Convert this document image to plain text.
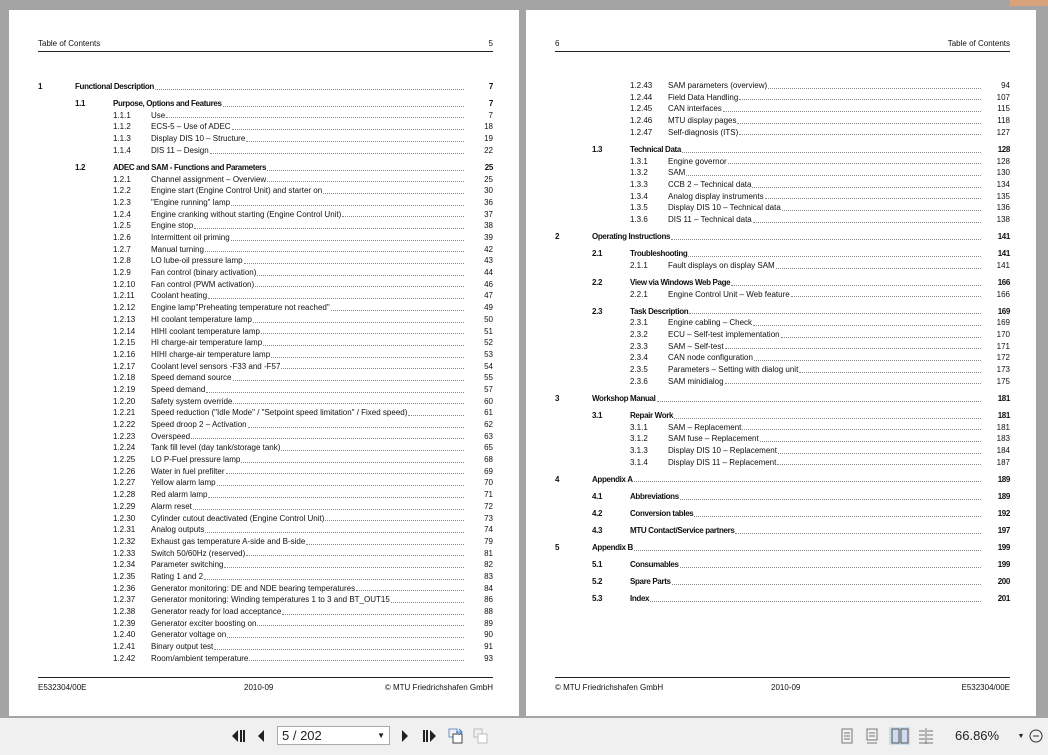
Table of Contents	5
1	Functional Description	7
1.1	Purpose, Options and Features	7
1.1.1	Use	7
1.1.2	ECS-5 – Use of ADEC	18
1.1.3	Display DIS 10 – Structure	19
1.1.4	DIS 11 – Design	22
1.2	ADEC and SAM - Functions and Parameters	25
1.2.1	Channel assignment – Overview	25
1.2.2	Engine start (Engine Control Unit) and starter on	30
1.2.3	"Engine running" lamp	36
1.2.4	Engine cranking without starting (Engine Control Unit)	37
1.2.5	Engine stop	38
1.2.6	Intermittent oil priming	39
1.2.7	Manual turning	42
1.2.8	LO lube-oil pressure lamp	43
1.2.9	Fan control (binary activation)	44
1.2.10 Fan control (PWM activation)	46
1.2.11 Coolant heating	47
1.2.12 Engine lamp"Preheating temperature not reached"	49
1.2.13 HI coolant temperature lamp	50
1.2.14 HIHI coolant temperature lamp	51
1.2.15 HI charge-air temperature lamp	52
1.2.16 HIHI charge-air temperature lamp	53
1.2.17 Coolant level sensors -F33 and -F57	54
1.2.18 Speed demand source	55
1.2.19 Speed demand	57
1.2.20 Safety system override	60
1.2.21 Speed reduction ("Idle Mode" / "Setpoint speed limitation" / Fixed speed)	61
1.2.22 Speed droop 2 – Activation	62
1.2.23 Overspeed	63
1.2.24 Tank fill level (day tank/storage tank)	65
1.2.25 LO P-Fuel pressure lamp	68
1.2.26 Water in fuel prefilter	69
1.2.27 Yellow alarm lamp	70
1.2.28 Red alarm lamp	71
1.2.29 Alarm reset	72
1.2.30 Cylinder cutout deactivated (Engine Control Unit)	73
1.2.31 Analog outputs	74
1.2.32 Exhaust gas temperature A-side and B-side	79
1.2.33 Switch 50/60Hz (reserved)	81
1.2.34 Parameter switching	82
1.2.35 Rating 1 and 2	83
1.2.36 Generator monitoring: DE and NDE bearing temperatures	84
1.2.37 Generator monitoring: Winding temperatures 1 to 3 and BT_OUT15	86
1.2.38 Generator ready for load acceptance	88
1.2.39 Generator exciter boosting on	89
1.2.40 Generator voltage on	90
1.2.41 Binary output test	91
1.2.42 Room/ambient temperature	93
E532304/00E	2010-09	© MTU Friedrichshafen GmbH
6	Table of Contents
1.2.43 SAM parameters (overview)	94
1.2.44 Field Data Handling	107
1.2.45 CAN interfaces	115
1.2.46 MTU display pages	118
1.2.47 Self-diagnosis (ITS)	127
1.3	Technical Data	128
1.3.1	Engine governor	128
1.3.2	SAM	130
1.3.3	CCB 2 – Technical data	134
1.3.4	Analog display instruments	135
1.3.5	Display DIS 10 – Technical data	136
1.3.6	DIS 11 – Technical data	138
2	Operating Instructions	141
2.1	Troubleshooting	141
2.1.1	Fault displays on display SAM	141
2.2	View via Windows Web Page	166
2.2.1	Engine Control Unit – Web feature	166
2.3	Task Description	169
2.3.1	Engine cabling – Check	169
2.3.2	ECU – Self-test implementation	170
2.3.3	SAM – Self-test	171
2.3.4	CAN node configuration	172
2.3.5	Parameters – Setting with dialog unit	173
2.3.6	SAM minidialog	175
3	Workshop Manual	181
3.1	Repair Work	181
3.1.1	SAM – Replacement	181
3.1.2	SAM fuse – Replacement	183
3.1.3	Display DIS 10 – Replacement	184
3.1.4	Display DIS 11 – Replacement	187
4	Appendix A	189
4.1	Abbreviations	189
4.2	Conversion tables	192
4.3	MTU Contact/Service partners	197
5	Appendix B	199
5.1	Consumables	199
5.2	Spare Parts	200
5.3	Index	201
© MTU Friedrichshafen GmbH	2010-09	E532304/00E
5 / 202	▼	66.86%	▼
